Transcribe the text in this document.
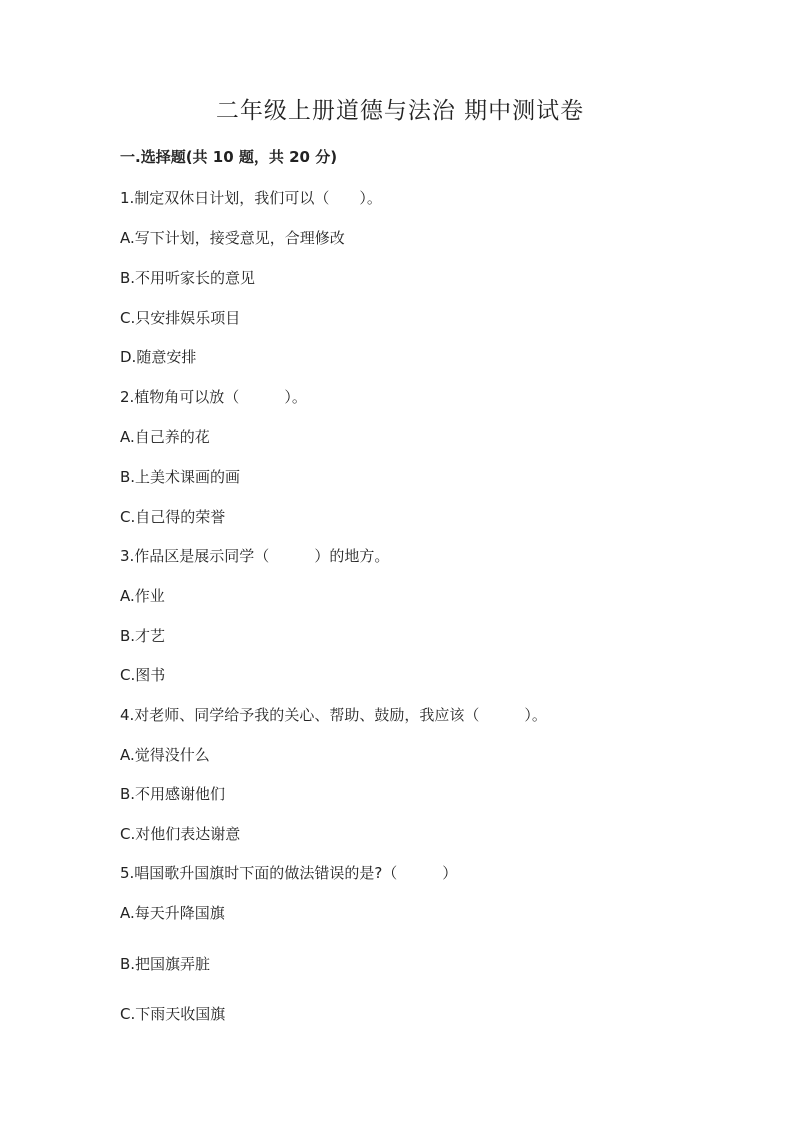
二年级上册道德与法治 期中测试卷
一.选择题(共 10 题，共 20 分)
1.制定双休日计划，我们可以（　　）。
A.写下计划，接受意见，合理修改
B.不用听家长的意见
C.只安排娱乐项目
D.随意安排
2.植物角可以放（　　　）。
A.自己养的花
B.上美术课画的画
C.自己得的荣誉
3.作品区是展示同学（　　　）的地方。
A.作业
B.才艺
C.图书
4.对老师、同学给予我的关心、帮助、鼓励，我应该（　　　）。
A.觉得没什么
B.不用感谢他们
C.对他们表达谢意
5.唱国歌升国旗时下面的做法错误的是?（　　　）
A.每天升降国旗
B.把国旗弄脏
C.下雨天收国旗
